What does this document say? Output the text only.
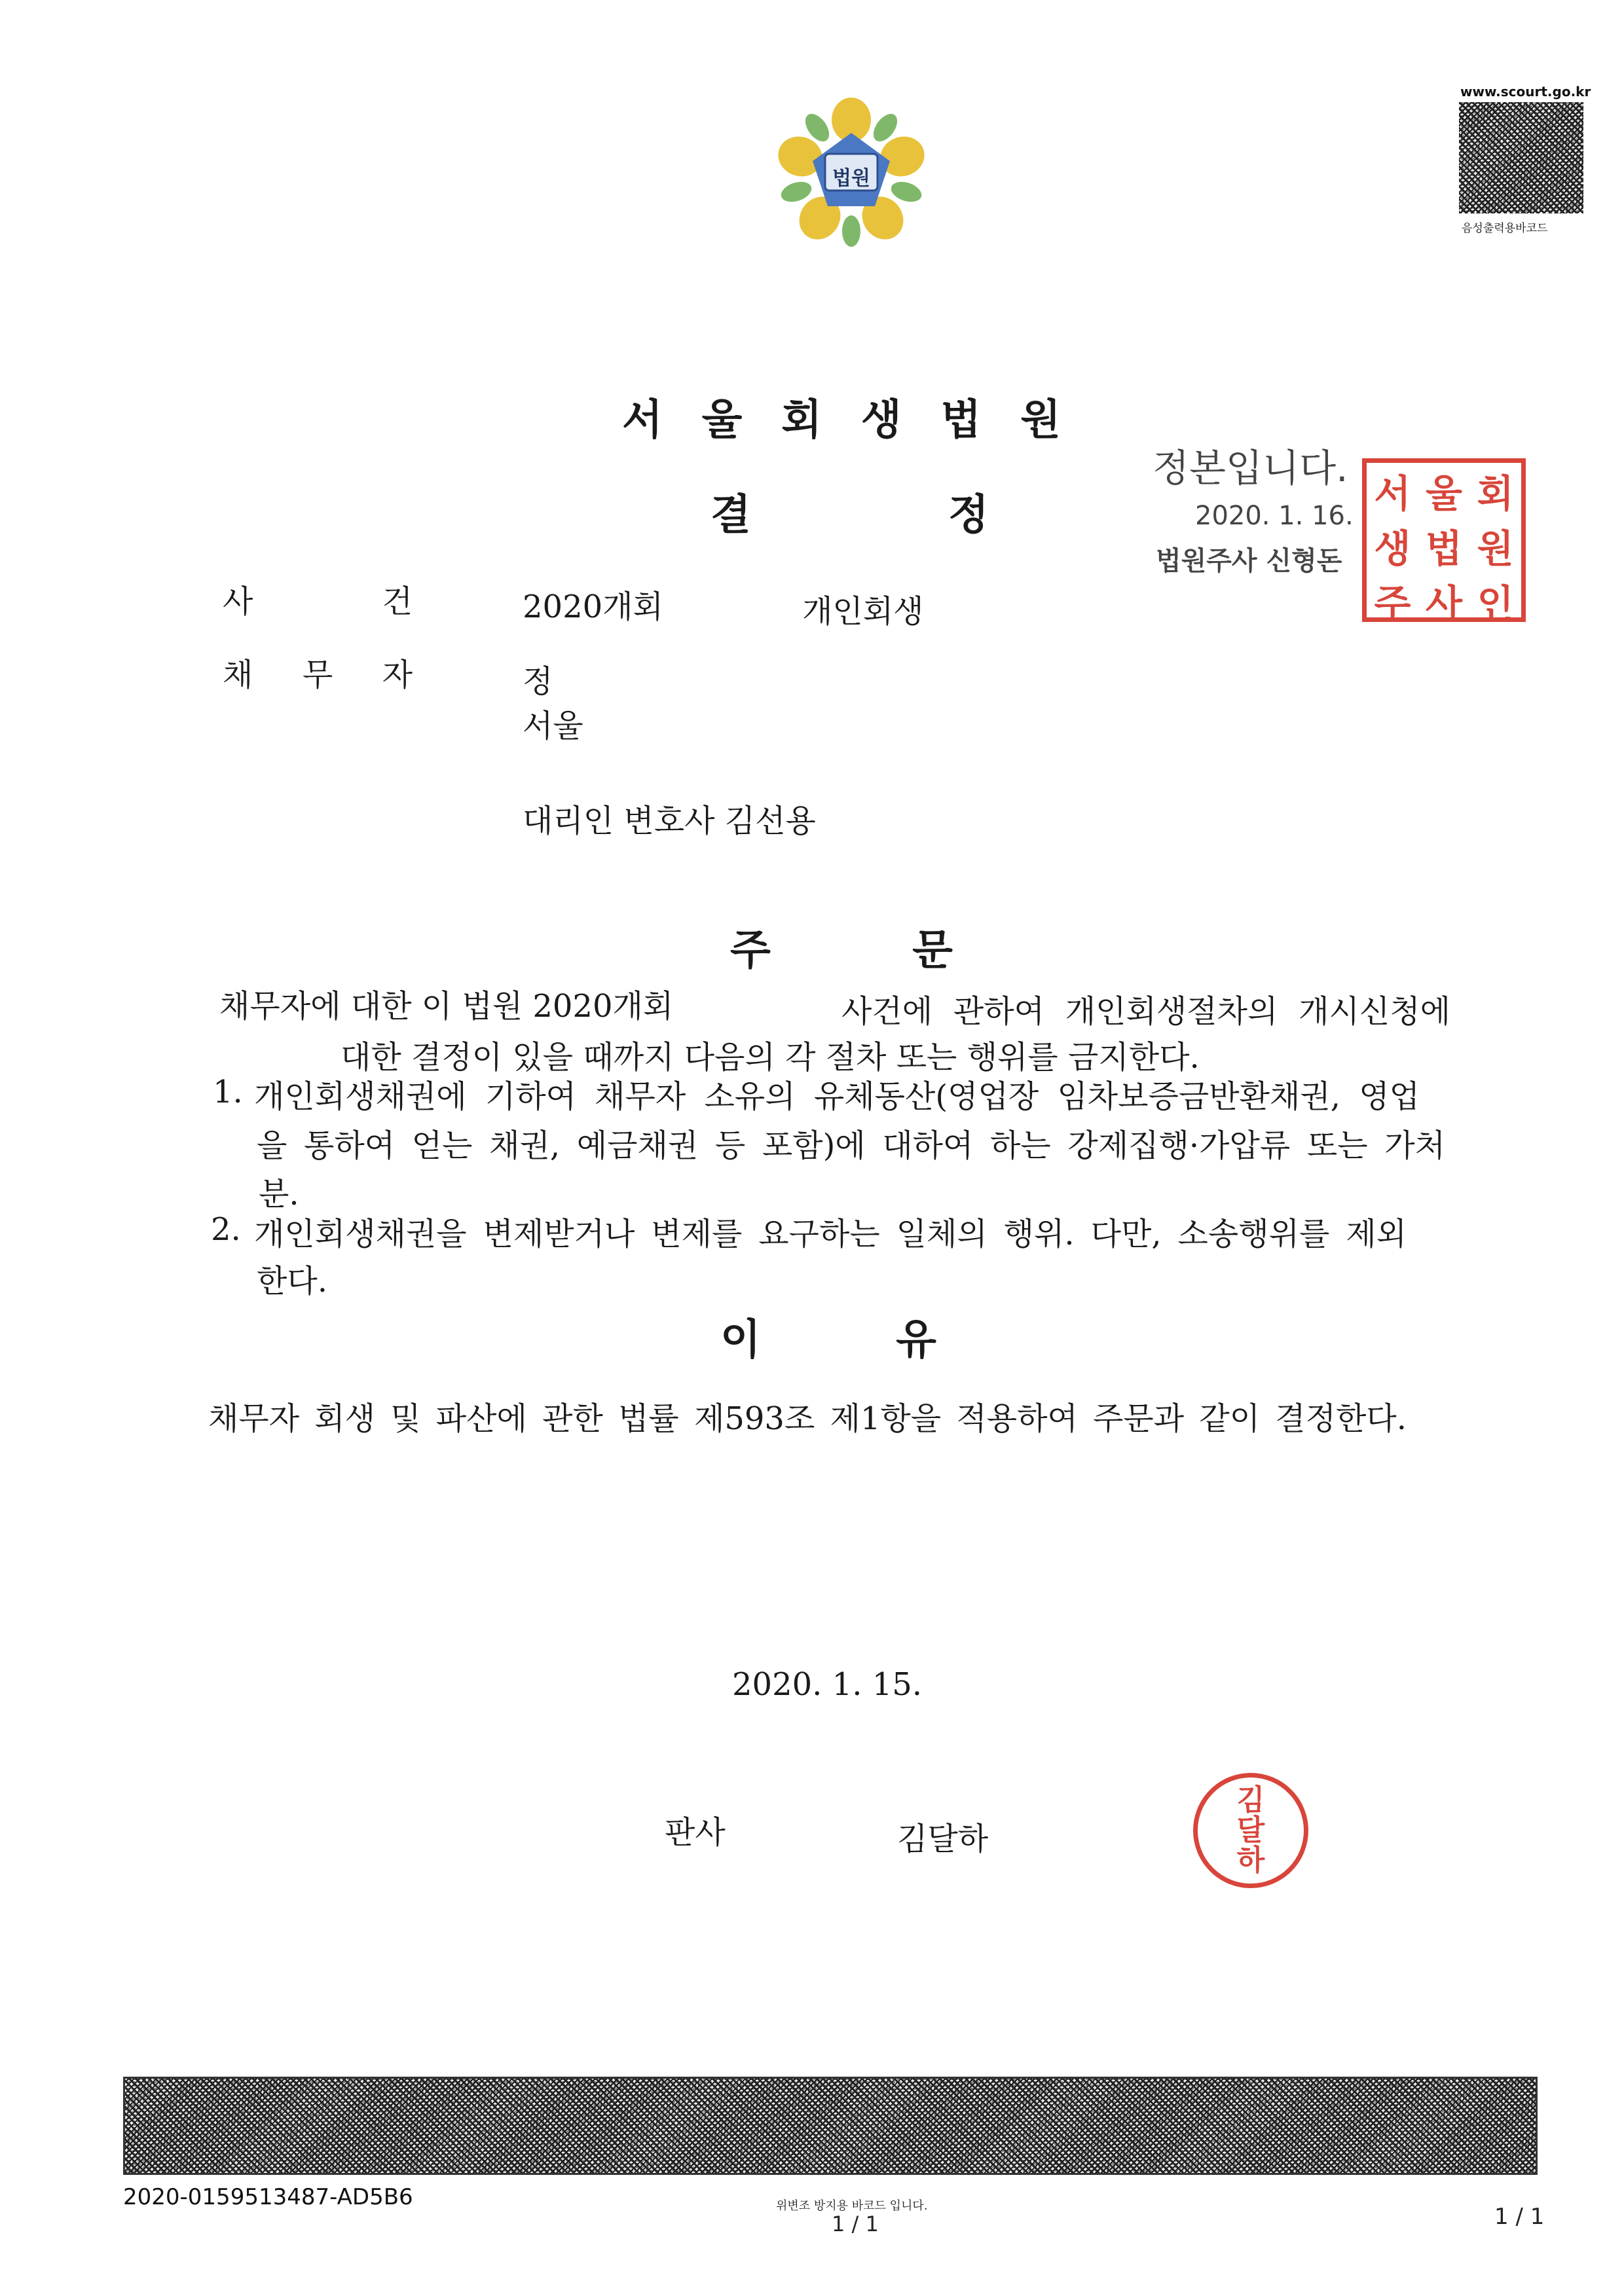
법원
www.scourt.go.kr
음성출력용바코드
서 울 회 생 법 원
결	정
정본입니다.
2020. 1. 16.
법원주사 신형돈
서 울 회
생 법 원
주 사 인
사	건	2020개회	개인회생
채 무 자	정
서울
대리인 변호사 김선용
주	문
채무자에 대한 이 법원 2020개회	사건에 관하여 개인회생절차의 개시신청에
대한 결정이 있을 때까지 다음의 각 절차 또는 행위를 금지한다.
1. 개인회생채권에 기하여 채무자 소유의 유체동산(영업장 임차보증금반환채권, 영업
을 통하여 얻는 채권, 예금채권 등 포함)에 대하여 하는 강제집행·가압류 또는 가처
분.
2. 개인회생채권을 변제받거나 변제를 요구하는 일체의 행위. 다만, 소송행위를 제외
한다.
이	유
채무자 회생 및 파산에 관한 법률 제593조 제1항을 적용하여 주문과 같이 결정한다.
2020. 1. 15.
판사	김달하
김
달
하
2020-0159513487-AD5B6	위변조 방지용 바코드 입니다.
1 / 1	1 / 1
